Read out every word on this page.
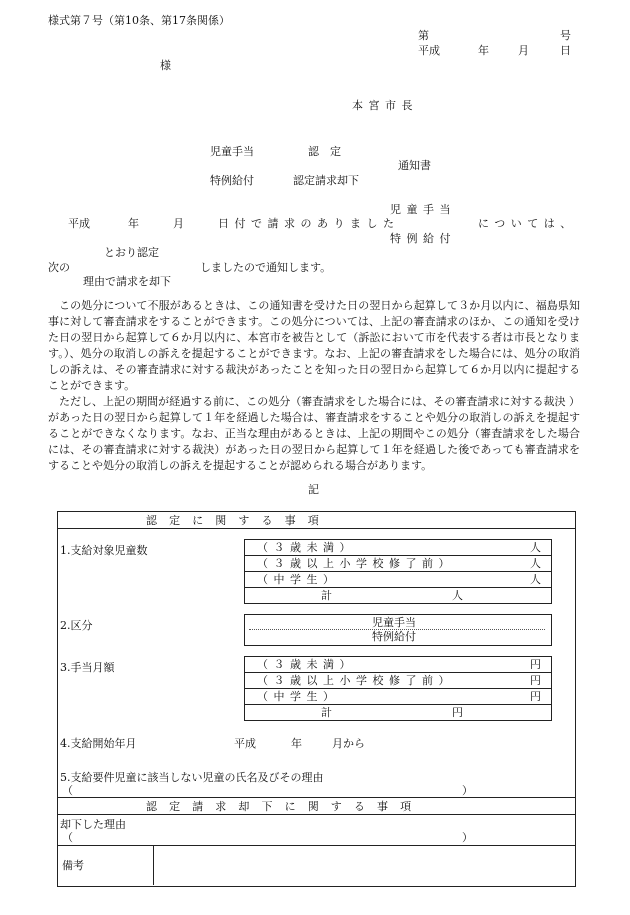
様式第７号（第10条、第17条関係）
第	号
平成	年	月	日
様
本宮市長
児童手当	認　定
特例給付	認定請求却下
通知書
児童手当
特例給付
平成	年	月	日付で請求のありました	については、
とおり認定
次の	しましたので通知します。
理由で請求を却下

この処分について不服があるときは、この通知書を受けた日の翌日から起算して３か月以内に、福島県知事に対して審査請求をすることができます。この処分については、上記の審査請求のほか、この通知を受けた日の翌日から起算して６か月以内に、本宮市を被告として（訴訟において市を代表する者は市長となります。）、処分の取消しの訴えを提起することができます。なお、上記の審査請求をした場合には、処分の取消しの訴えは、その審査請求に対する裁決があったことを知った日の翌日から起算して６か月以内に提起することができます。

ただし、上記の期間が経過する前に、この処分（審査請求をした場合には、その審査請求に対する裁決 ）があった日の翌日から起算して１年を経過した場合は、審査請求をすることや処分の取消しの訴えを提起することができなくなります。なお、正当な理由があるときは、上記の期間やこの処分（審査請求をした場合には、その審査請求に対する裁決）があった日の翌日から起算して１年を経過した後であっても審査請求をすることや処分の取消しの訴えを提起することが認められる場合があります。

記
認定に関する事項
1.支給対象児童数	（３歳未満）	人
（３歳以上小学校修了前）	人
（中学生）	人
計	人
2.区分	児童手当
特例給付
3.手当月額	（３歳未満）	円
（３歳以上小学校修了前）	円
（中学生）	円
計	円
4.支給開始年月	平成	年	月から
5.支給要件児童に該当しない児童の氏名及びその理由
（	）
認定請求却下に関する事項
却下した理由
（	）
備考
